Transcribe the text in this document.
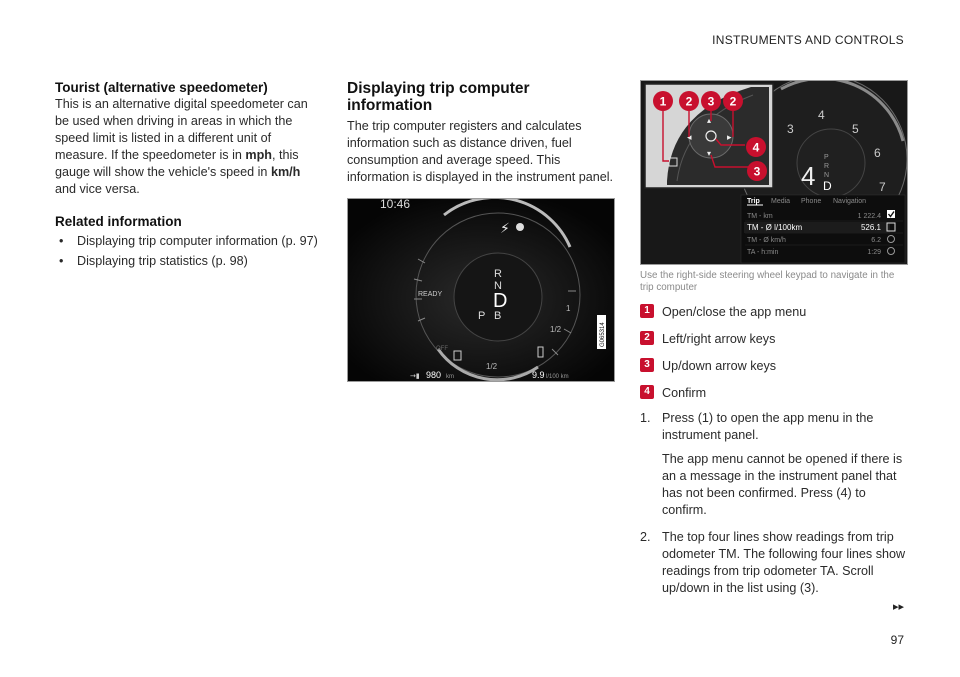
INSTRUMENTS AND CONTROLS
Tourist (alternative speedometer)

This is an alternative digital speedometer can be used when driving in areas in which the speed limit is listed in a different unit of measure. If the speedometer is in mph, this gauge will show the vehicle's speed in km/h and vice versa.

Related information
• Displaying trip computer information (p. 97)
• Displaying trip statistics (p. 98)
Displaying trip computer information

The trip computer registers and calculates information such as distance driven, fuel consumption and average speed. This information is displayed in the instrument panel.

⚡
10:46
READY
OFF
R
N
D
P B
1/2
1
1/2
→▮ 980 km	9.9 l/100 km
G065314
3
4
5
6
7
4
P
R
N
D
Trip Media Phone Navigation
TM - km	1 222.4
TM - Ø l/100km	526.1
TM - Ø km/h	6.2
TA - h:min	1:29
◂	▸
▴
▾
1 2 3 2
4
3
Use the right-side steering wheel keypad to navigate in the trip computer
1 Open/close the app menu
2 Left/right arrow keys
3 Up/down arrow keys
4 Confirm
1. Press (1) to open the app menu in the instrument panel.
The app menu cannot be opened if there is an a message in the instrument panel that has not been confirmed. Press (4) to confirm.
2. The top four lines show readings from trip odometer TM. The following four lines show readings from trip odometer TA. Scroll up/down in the list using (3).
▸▸
97
